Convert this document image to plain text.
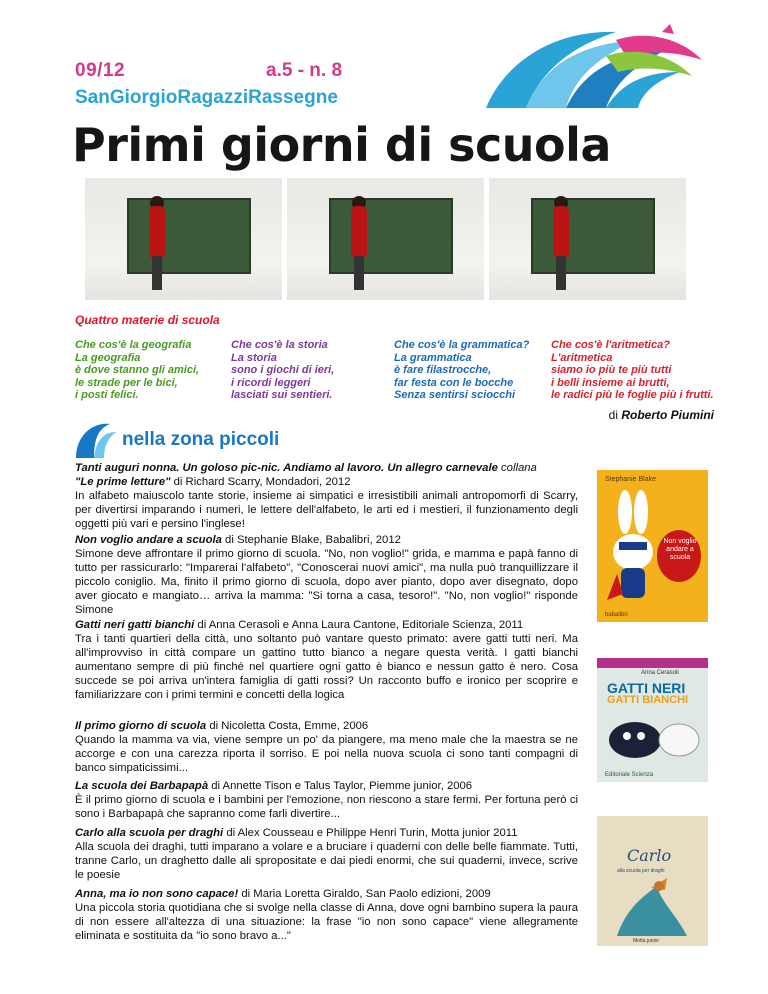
09/12	a.5 - n. 8
SanGiorgioRagazziRassegne
Primi giorni di scuola
Quattro materie di scuola
Che cos'è la geografia
La geografia
è dove stanno gli amici,
le strade per le bici,
i posti felici.
Che cos'è la storia
La storia
sono i giochi di ieri,
i ricordi leggeri
lasciati sui sentieri.
Che cos'è la grammatica?
La grammatica
è fare filastrocche,
far festa con le bocche
Senza sentirsi sciocchi
Che cos'è l'aritmetica?
L'aritmetica
siamo io più te più tutti
i belli insieme ai brutti,
le radici più le foglie più i frutti.
di Roberto Piumini
nella zona piccoli
Tanti auguri nonna. Un goloso pic-nic. Andiamo al lavoro. Un allegro carnevale collana
"Le prime letture" di Richard Scarry, Mondadori, 2012
In alfabeto maiuscolo tante storie, insieme ai simpatici e irresistibili animali antropomorfi di Scarry, per divertirsi imparando i numeri, le lettere dell'alfabeto, le arti ed i mestieri, il funzionamento degli oggetti più vari e persino l'inglese!
Non voglio andare a scuola di Stephanie Blake, Babalibri, 2012
Simone deve affrontare il primo giorno di scuola. "No, non voglio!" grida, e mamma e papà fanno di tutto per rassicurarlo: "Imparerai l'alfabeto", "Conoscerai nuovi amici", ma nulla può tranquillizzare il piccolo coniglio. Ma, finito il primo giorno di scuola, dopo aver pianto, dopo aver disegnato, dopo aver giocato e mangiato… arriva la mamma: "Si torna a casa, tesoro!". "No, non voglio!" risponde Simone
Gatti neri gatti bianchi di Anna Cerasoli e Anna Laura Cantone, Editoriale Scienza, 2011
Tra i tanti quartieri della città, uno soltanto può vantare questo primato: avere gatti tutti neri. Ma all'improvviso in città compare un gattino tutto bianco a negare questa verità. I gatti bianchi aumentano sempre di più finché nel quartiere ogni gatto è bianco e nessun gatto è nero. Cosa succede se poi arriva un'intera famiglia di gatti rossi? Un racconto buffo e ironico per scoprire e familiarizzare con i primi termini e concetti della logica
Il primo giorno di scuola di Nicoletta Costa, Emme, 2006
Quando la mamma va via, viene sempre un po' da piangere, ma meno male che la maestra se ne accorge e con una carezza riporta il sorriso. E poi nella nuova scuola ci sono tanti compagni di banco simpaticissimi...
La scuola dei Barbapapà di Annette Tison e Talus Taylor, Piemme junior, 2006
È il primo giorno di scuola e i bambini per l'emozione, non riescono a stare fermi. Per fortuna però ci sono i Barbapapà che sapranno come farli divertire...
Carlo alla scuola per draghi di Alex Cousseau e Philippe Henri Turin, Motta junior 2011
Alla scuola dei draghi, tutti imparano a volare e a bruciare i quaderni con delle belle fiammate. Tutti, tranne Carlo, un draghetto dalle ali spropositate e dai piedi enormi, che sui quaderni, invece, scrive le poesie
Anna, ma io non sono capace! di Maria Loretta Giraldo, San Paolo edizioni, 2009
Una piccola storia quotidiana che si svolge nella classe di Anna, dove ogni bambino supera la paura di non essere all'altezza di una situazione: la frase "io non sono capace" viene allegramente eliminata e sostituita da "io sono bravo a..."
Stephanie Blake
Non voglio andare a scuola
babalibri
Anna Cerasoli
GATTI NERI
GATTI BIANCHI
Editoriale Scienza
Carlo
alla scuola per draghi
Motta junior
